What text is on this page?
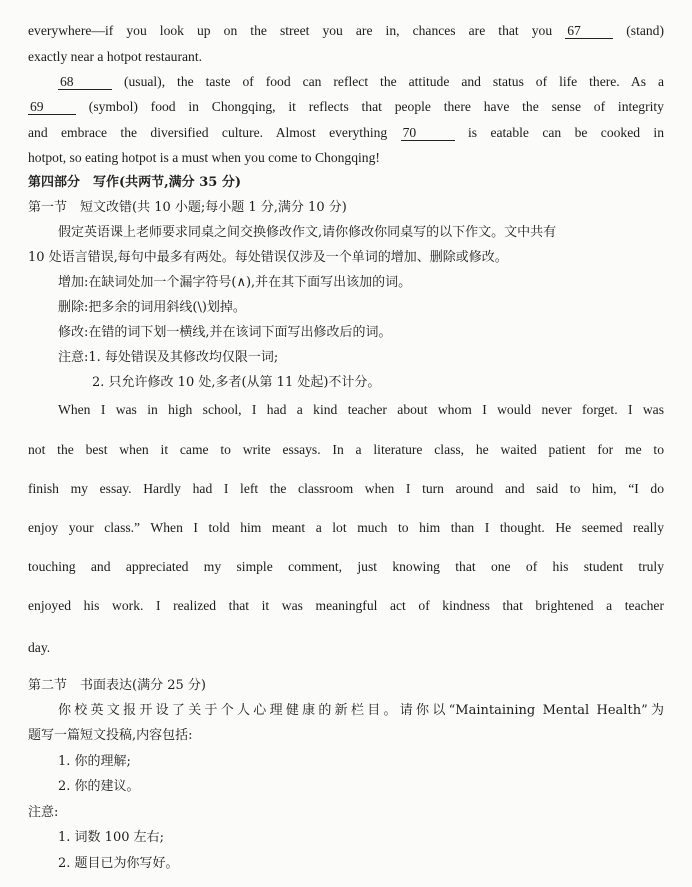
everywhere—if you look up on the street you are in, chances are that you 67	(stand)
exactly near a hotpot restaurant.
68	(usual), the taste of food can reflect the attitude and status of life there. As a
69	(symbol) food in Chongqing, it reflects that people there have the sense of integrity
and embrace the diversified culture. Almost everything 70	is eatable can be cooked in
hotpot, so eating hotpot is a must when you come to Chongqing!
第四部分　写作(共两节,满分 35 分)
第一节　短文改错(共 10 小题;每小题 1 分,满分 10 分)
假定英语课上老师要求同桌之间交换修改作文,请你修改你同桌写的以下作文。文中共有
10 处语言错误,每句中最多有两处。每处错误仅涉及一个单词的增加、删除或修改。
增加:在缺词处加一个漏字符号(∧),并在其下面写出该加的词。
删除:把多余的词用斜线(\)划掉。
修改:在错的词下划一横线,并在该词下面写出修改后的词。
注意:1. 每处错误及其修改均仅限一词;
2. 只允许修改 10 处,多者(从第 11 处起)不计分。
When I was in high school, I had a kind teacher about whom I would never forget. I was
not the best when it came to write essays. In a literature class, he waited patient for me to
finish my essay. Hardly had I left the classroom when I turn around and said to him, “I do
enjoy your class.” When I told him meant a lot much to him than I thought. He seemed really
touching and appreciated my simple comment, just knowing that one of his student truly
enjoyed his work. I realized that it was meaningful act of kindness that brightened a teacher
day.
第二节　书面表达(满分 25 分)
你校英文报开设了关于个人心理健康的新栏目。请你以“Maintaining Mental Health”为
题写一篇短文投稿,内容包括:
1. 你的理解;
2. 你的建议。
注意:
1. 词数 100 左右;
2. 题目已为你写好。
